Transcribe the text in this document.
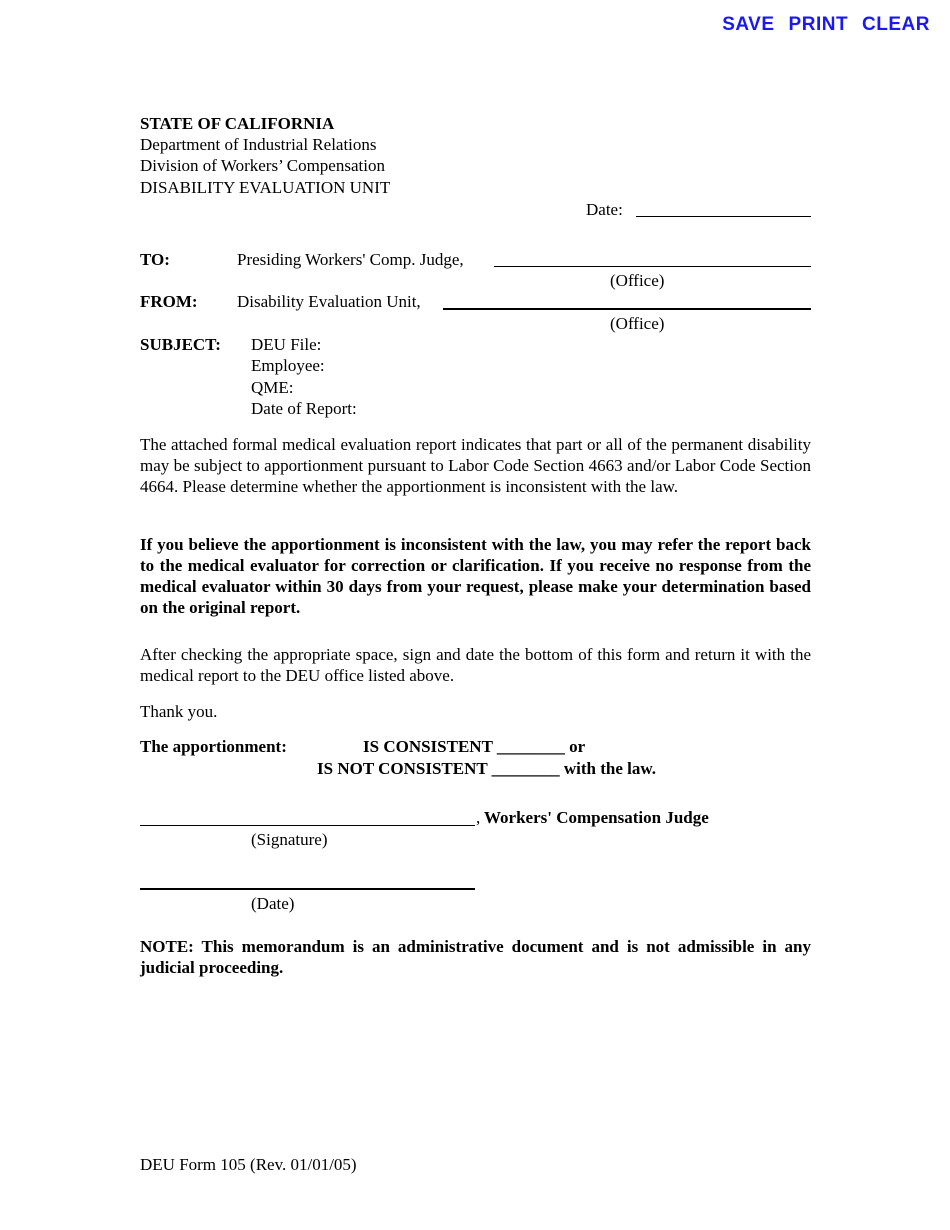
SAVE PRINT CLEAR
STATE OF CALIFORNIA
Department of Industrial Relations
Division of Workers’ Compensation
DISABILITY EVALUATION UNIT
Date:
TO:	Presiding Workers' Comp. Judge,
(Office)
FROM: Disability Evaluation Unit,
(Office)
SUBJECT: DEU File:
Employee:
QME:
Date of Report:
The attached formal medical evaluation report indicates that part or all of the permanent disability may be subject to apportionment pursuant to Labor Code Section 4663 and/or Labor Code Section 4664. Please determine whether the apportionment is inconsistent with the law.
If you believe the apportionment is inconsistent with the law, you may refer the report back to the medical evaluator for correction or clarification. If you receive no response from the medical evaluator within 30 days from your request, please make your determination based on the original report.
After checking the appropriate space, sign and date the bottom of this form and return it with the medical report to the DEU office listed above.
Thank you.
The apportionment:	IS CONSISTENT ________ or
IS NOT CONSISTENT ________ with the law.
, Workers' Compensation Judge
(Signature)
(Date)
NOTE: This memorandum is an administrative document and is not admissible in any judicial proceeding.
DEU Form 105 (Rev. 01/01/05)
